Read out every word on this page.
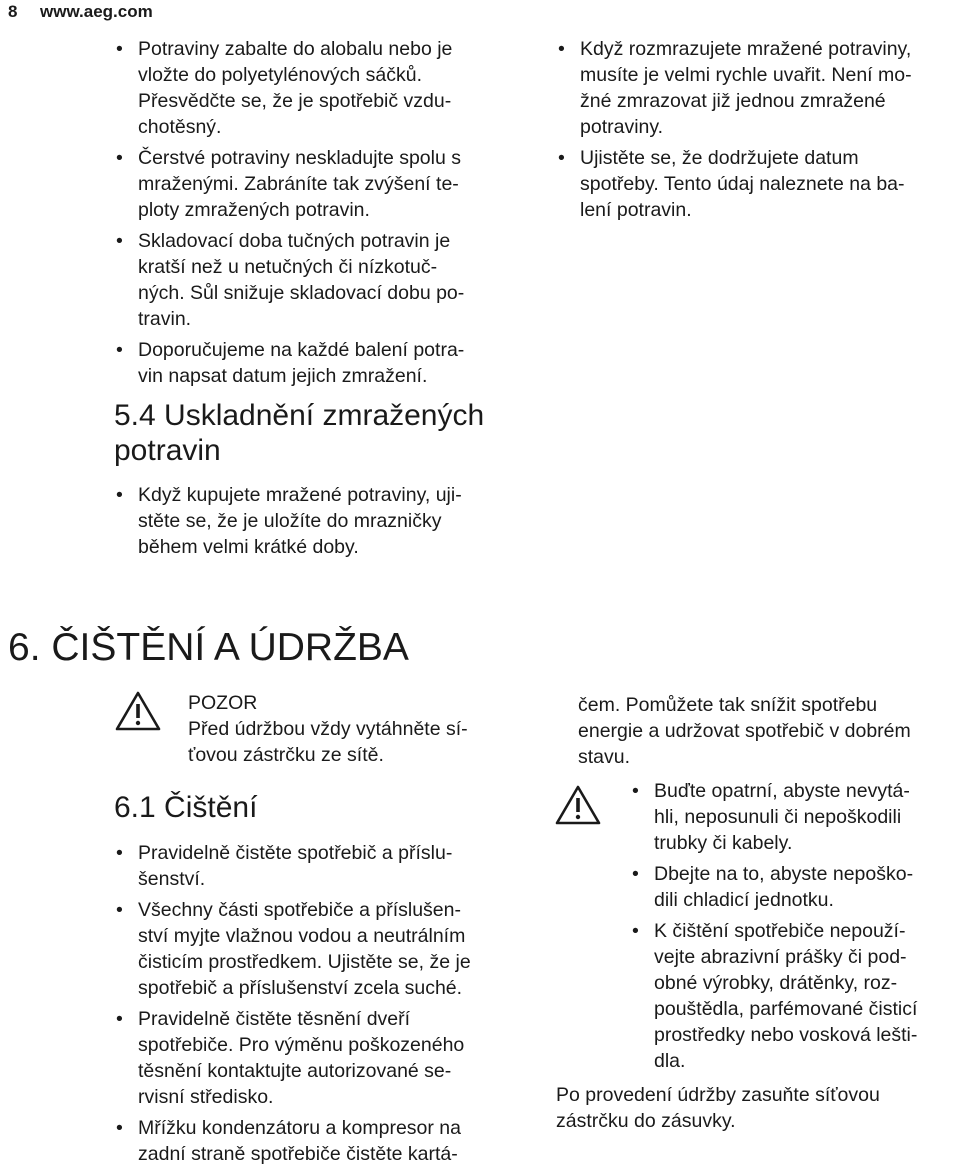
8 www.aeg.com
• Potraviny zabalte do alobalu nebo je
vložte do polyetylénových sáčků.
Přesvědčte se, že je spotřebič vzdu-
chotěsný.
• Čerstvé potraviny neskladujte spolu s
mraženými. Zabráníte tak zvýšení te-
ploty zmražených potravin.
• Skladovací doba tučných potravin je
kratší než u netučných či nízkotuč-
ných. Sůl snižuje skladovací dobu po-
travin.
• Doporučujeme na každé balení potra-
vin napsat datum jejich zmražení.
5.4 Uskladnění zmražených
potravin
• Když kupujete mražené potraviny, uji-
stěte se, že je uložíte do mrazničky
během velmi krátké doby.
• Když rozmrazujete mražené potraviny,
musíte je velmi rychle uvařit. Není mo-
žné zmrazovat již jednou zmražené
potraviny.
• Ujistěte se, že dodržujete datum
spotřeby. Tento údaj naleznete na ba-
lení potravin.
6. ČIŠTĚNÍ A ÚDRŽBA
POZOR
Před údržbou vždy vytáhněte sí-
ťovou zástrčku ze sítě.
6.1 Čištění
• Pravidelně čistěte spotřebič a příslu-
šenství.
• Všechny části spotřebiče a příslušen-
ství myjte vlažnou vodou a neutrálním
čisticím prostředkem. Ujistěte se, že je
spotřebič a příslušenství zcela suché.
• Pravidelně čistěte těsnění dveří
spotřebiče. Pro výměnu poškozeného
těsnění kontaktujte autorizované se-
rvisní středisko.
• Mřížku kondenzátoru a kompresor na
zadní straně spotřebiče čistěte kartá-
čem. Pomůžete tak snížit spotřebu
energie a udržovat spotřebič v dobrém
stavu.
• Buďte opatrní, abyste nevytá-
hli, neposunuli či nepoškodili
trubky či kabely.
• Dbejte na to, abyste nepoško-
dili chladicí jednotku.
• K čištění spotřebiče nepouží-
vejte abrazivní prášky či pod-
obné výrobky, drátěnky, roz-
pouštědla, parfémované čisticí
prostředky nebo vosková lešti-
dla.
Po provedení údržby zasuňte síťovou
zástrčku do zásuvky.
